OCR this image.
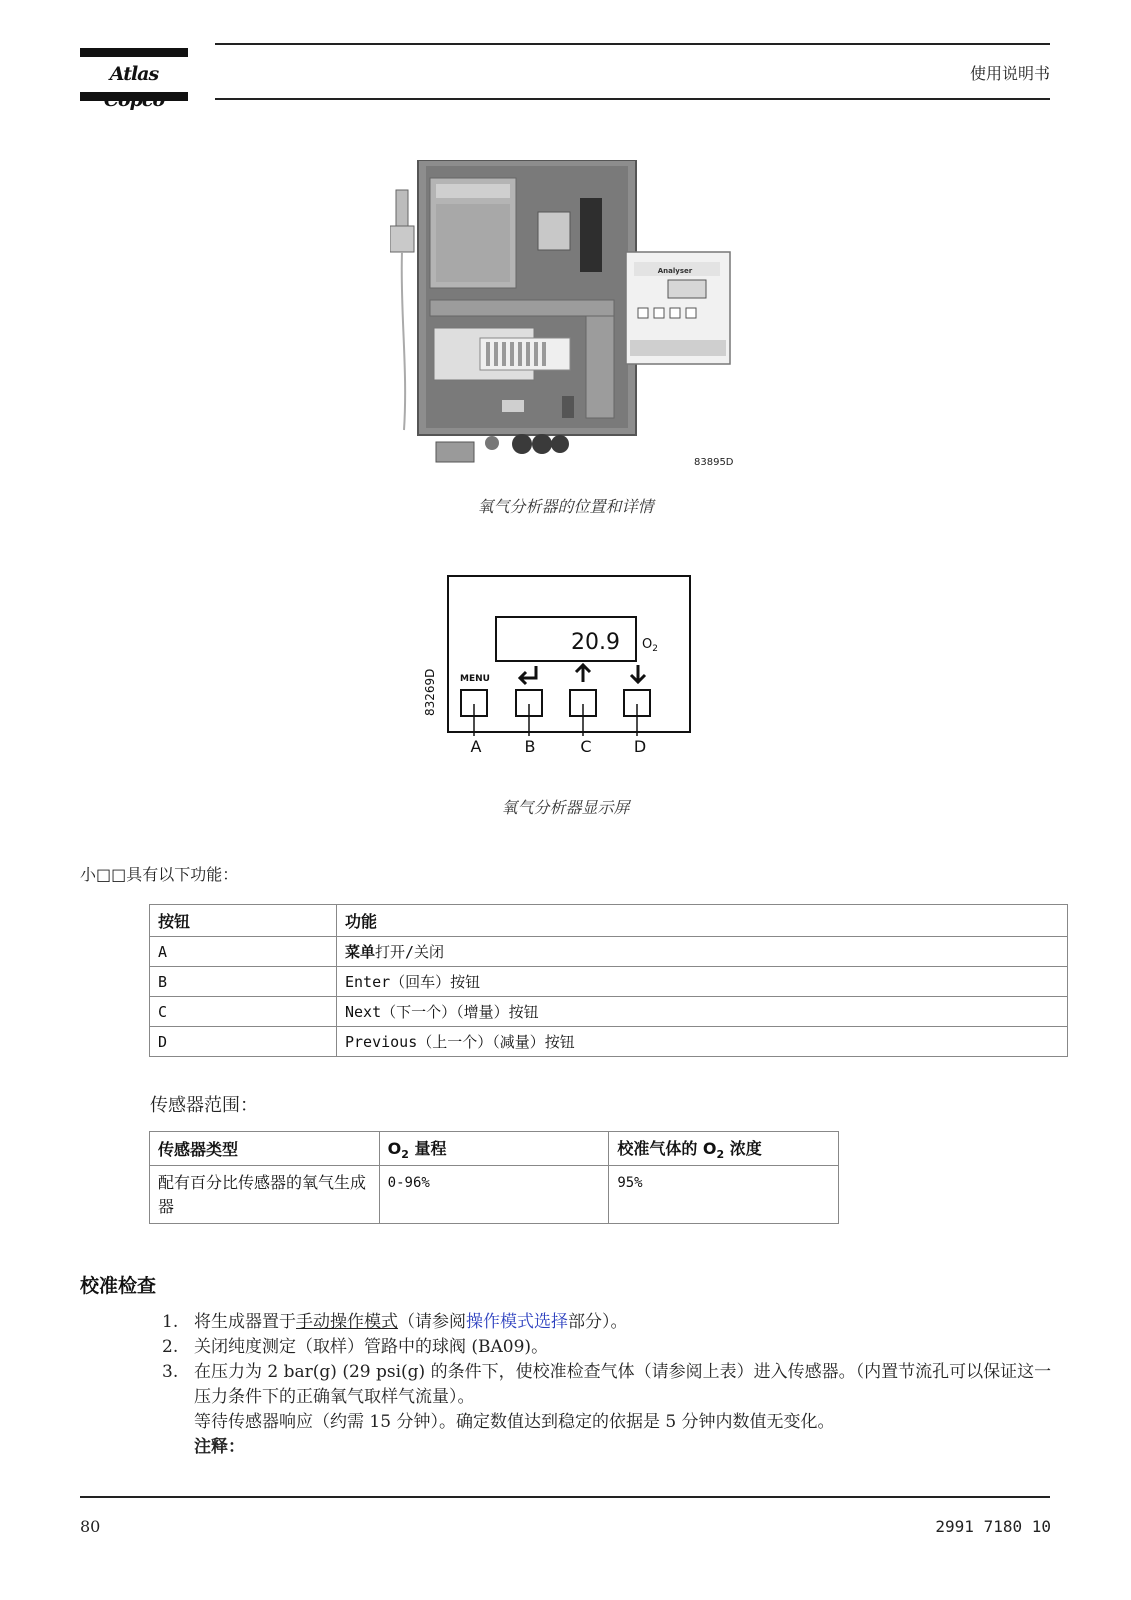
Atlas	使用说明书
Analyser
83895D
氧气分析器的位置和详情
20.9 $O_2$
MENU
A	B	C	D
83269D
氧气分析器显示屏
小□□具有以下功能：
按钮	功能
A	菜单打开/关闭
B	Enter（回车）按钮
C	Next（下一个）（增量）按钮
D	Previous（上一个）（减量）按钮
传感器范围：
传感器类型	$O_2$ 量程	校准气体的 $O_2$ 浓度
配有百分比传感器的氧气生成器	0-96%	95%
校准检查
1. 将生成器置于手动操作模式（请参阅操作模式选择部分）。
2. 关闭纯度测定（取样）管路中的球阀 (BA09)。
3. 在压力为 2 bar(g) (29 psi(g) 的条件下，使校准检查气体（请参阅上表）进入传感器。（内置节流孔可以保证这一压力条件下的正确氧气取样气流量）。
等待传感器响应（约需 15 分钟）。确定数值达到稳定的依据是 5 分钟内数值无变化。
注释：
80	2991 7180 10
